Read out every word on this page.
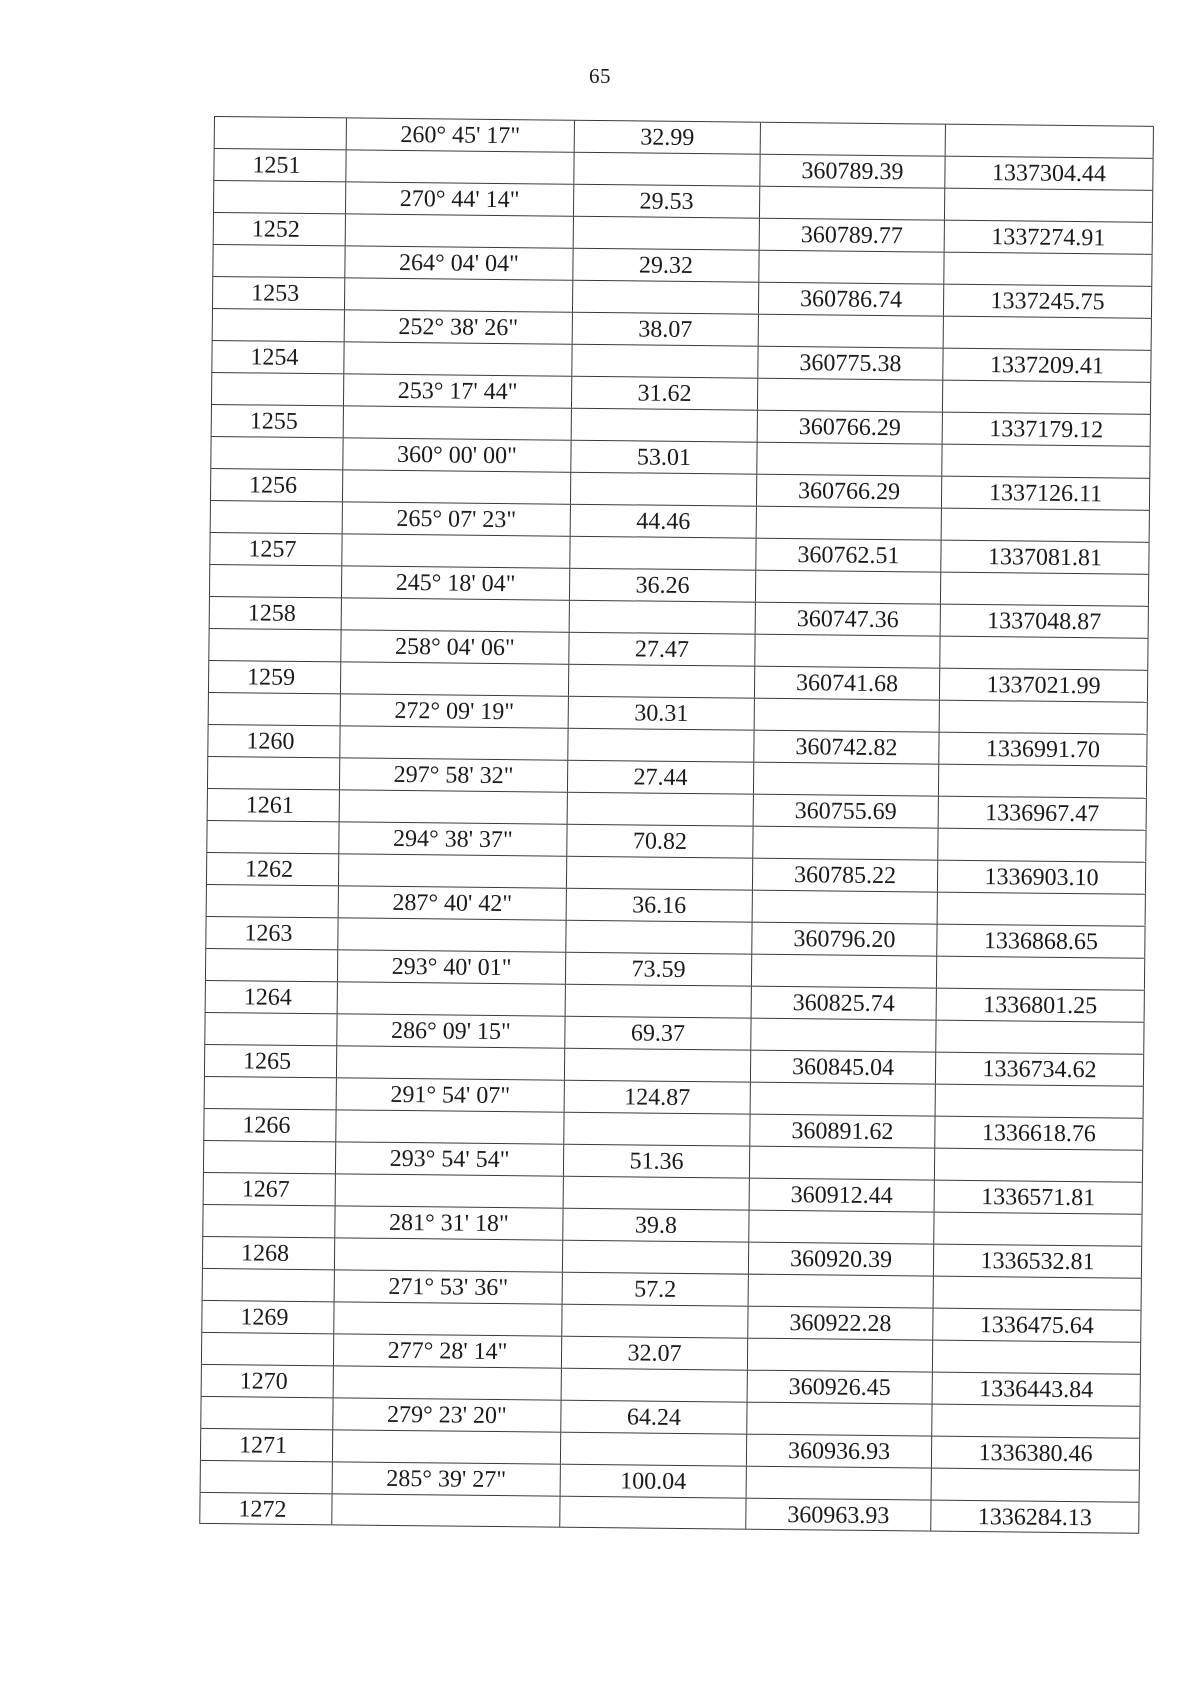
65
260° 45' 17"	32.99
1251	360789.39	1337304.44
270° 44' 14"	29.53
1252	360789.77	1337274.91
264° 04' 04"	29.32
1253	360786.74	1337245.75
252° 38' 26"	38.07
1254	360775.38	1337209.41
253° 17' 44"	31.62
1255	360766.29	1337179.12
360° 00' 00"	53.01
1256	360766.29	1337126.11
265° 07' 23"	44.46
1257	360762.51	1337081.81
245° 18' 04"	36.26
1258	360747.36	1337048.87
258° 04' 06"	27.47
1259	360741.68	1337021.99
272° 09' 19"	30.31
1260	360742.82	1336991.70
297° 58' 32"	27.44
1261	360755.69	1336967.47
294° 38' 37"	70.82
1262	360785.22	1336903.10
287° 40' 42"	36.16
1263	360796.20	1336868.65
293° 40' 01"	73.59
1264	360825.74	1336801.25
286° 09' 15"	69.37
1265	360845.04	1336734.62
291° 54' 07"	124.87
1266	360891.62	1336618.76
293° 54' 54"	51.36
1267	360912.44	1336571.81
281° 31' 18"	39.8
1268	360920.39	1336532.81
271° 53' 36"	57.2
1269	360922.28	1336475.64
277° 28' 14"	32.07
1270	360926.45	1336443.84
279° 23' 20"	64.24
1271	360936.93	1336380.46
285° 39' 27"	100.04
1272	360963.93	1336284.13
